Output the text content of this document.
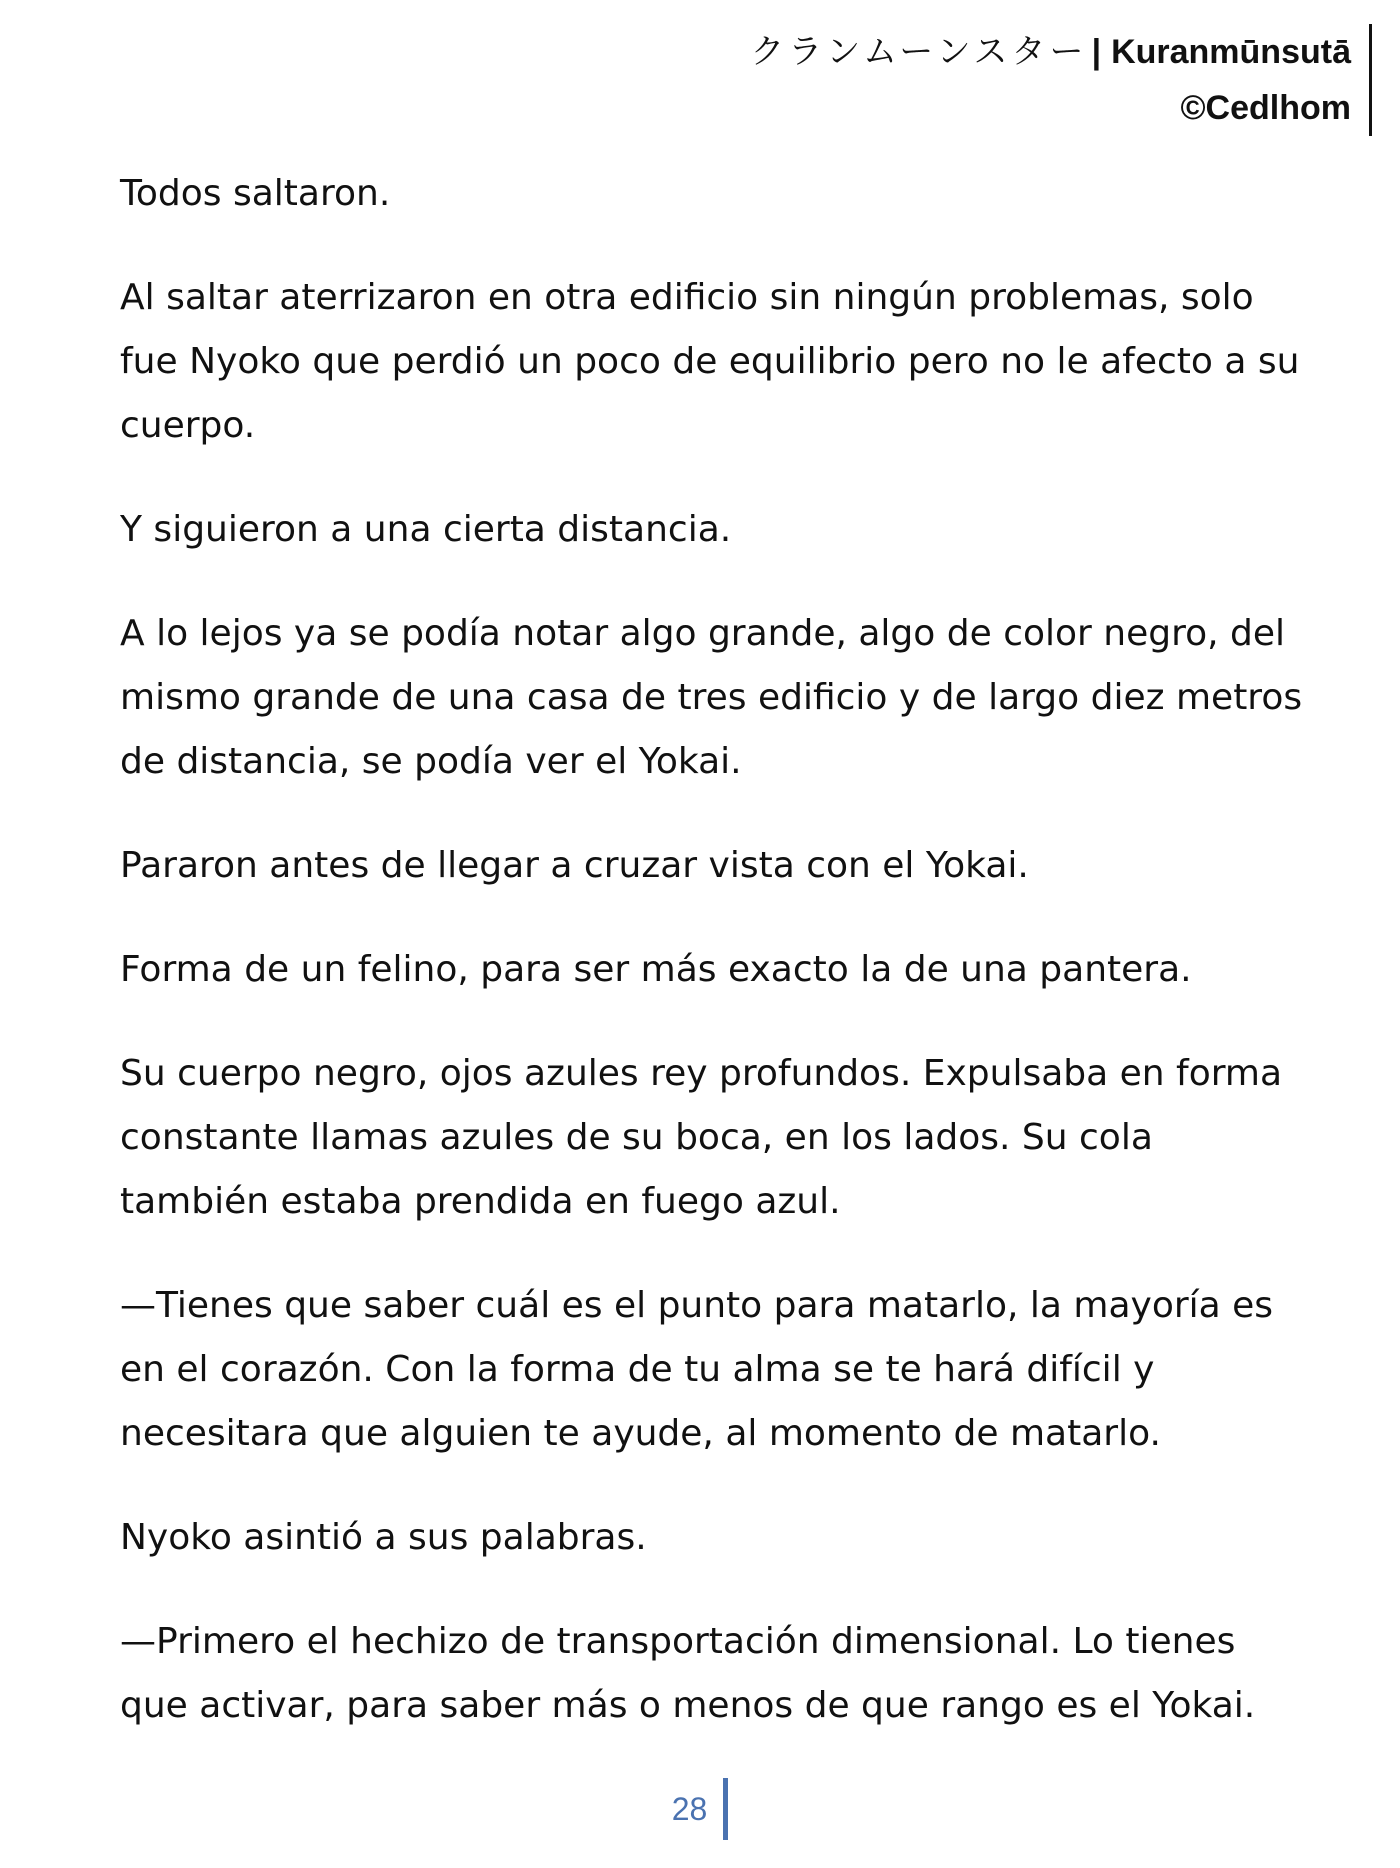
クランムーンスター | Kuranmūnsutā
©Cedlhom

Todos saltaron.

Al saltar aterrizaron en otra edificio sin ningún problemas, solo fue Nyoko que perdió un poco de equilibrio pero no le afecto a su cuerpo.

Y siguieron a una cierta distancia.

A lo lejos ya se podía notar algo grande, algo de color negro, del mismo grande de una casa de tres edificio y de largo diez metros de distancia, se podía ver el Yokai.

Pararon antes de llegar a cruzar vista con el Yokai.

Forma de un felino, para ser más exacto la de una pantera.

Su cuerpo negro, ojos azules rey profundos. Expulsaba en forma constante llamas azules de su boca, en los lados. Su cola también estaba prendida en fuego azul.

—Tienes que saber cuál es el punto para matarlo, la mayoría es en el corazón. Con la forma de tu alma se te hará difícil y necesitara que alguien te ayude, al momento de matarlo.

Nyoko asintió a sus palabras.

—Primero el hechizo de transportación dimensional. Lo tienes que activar, para saber más o menos de que rango es el Yokai.

28
